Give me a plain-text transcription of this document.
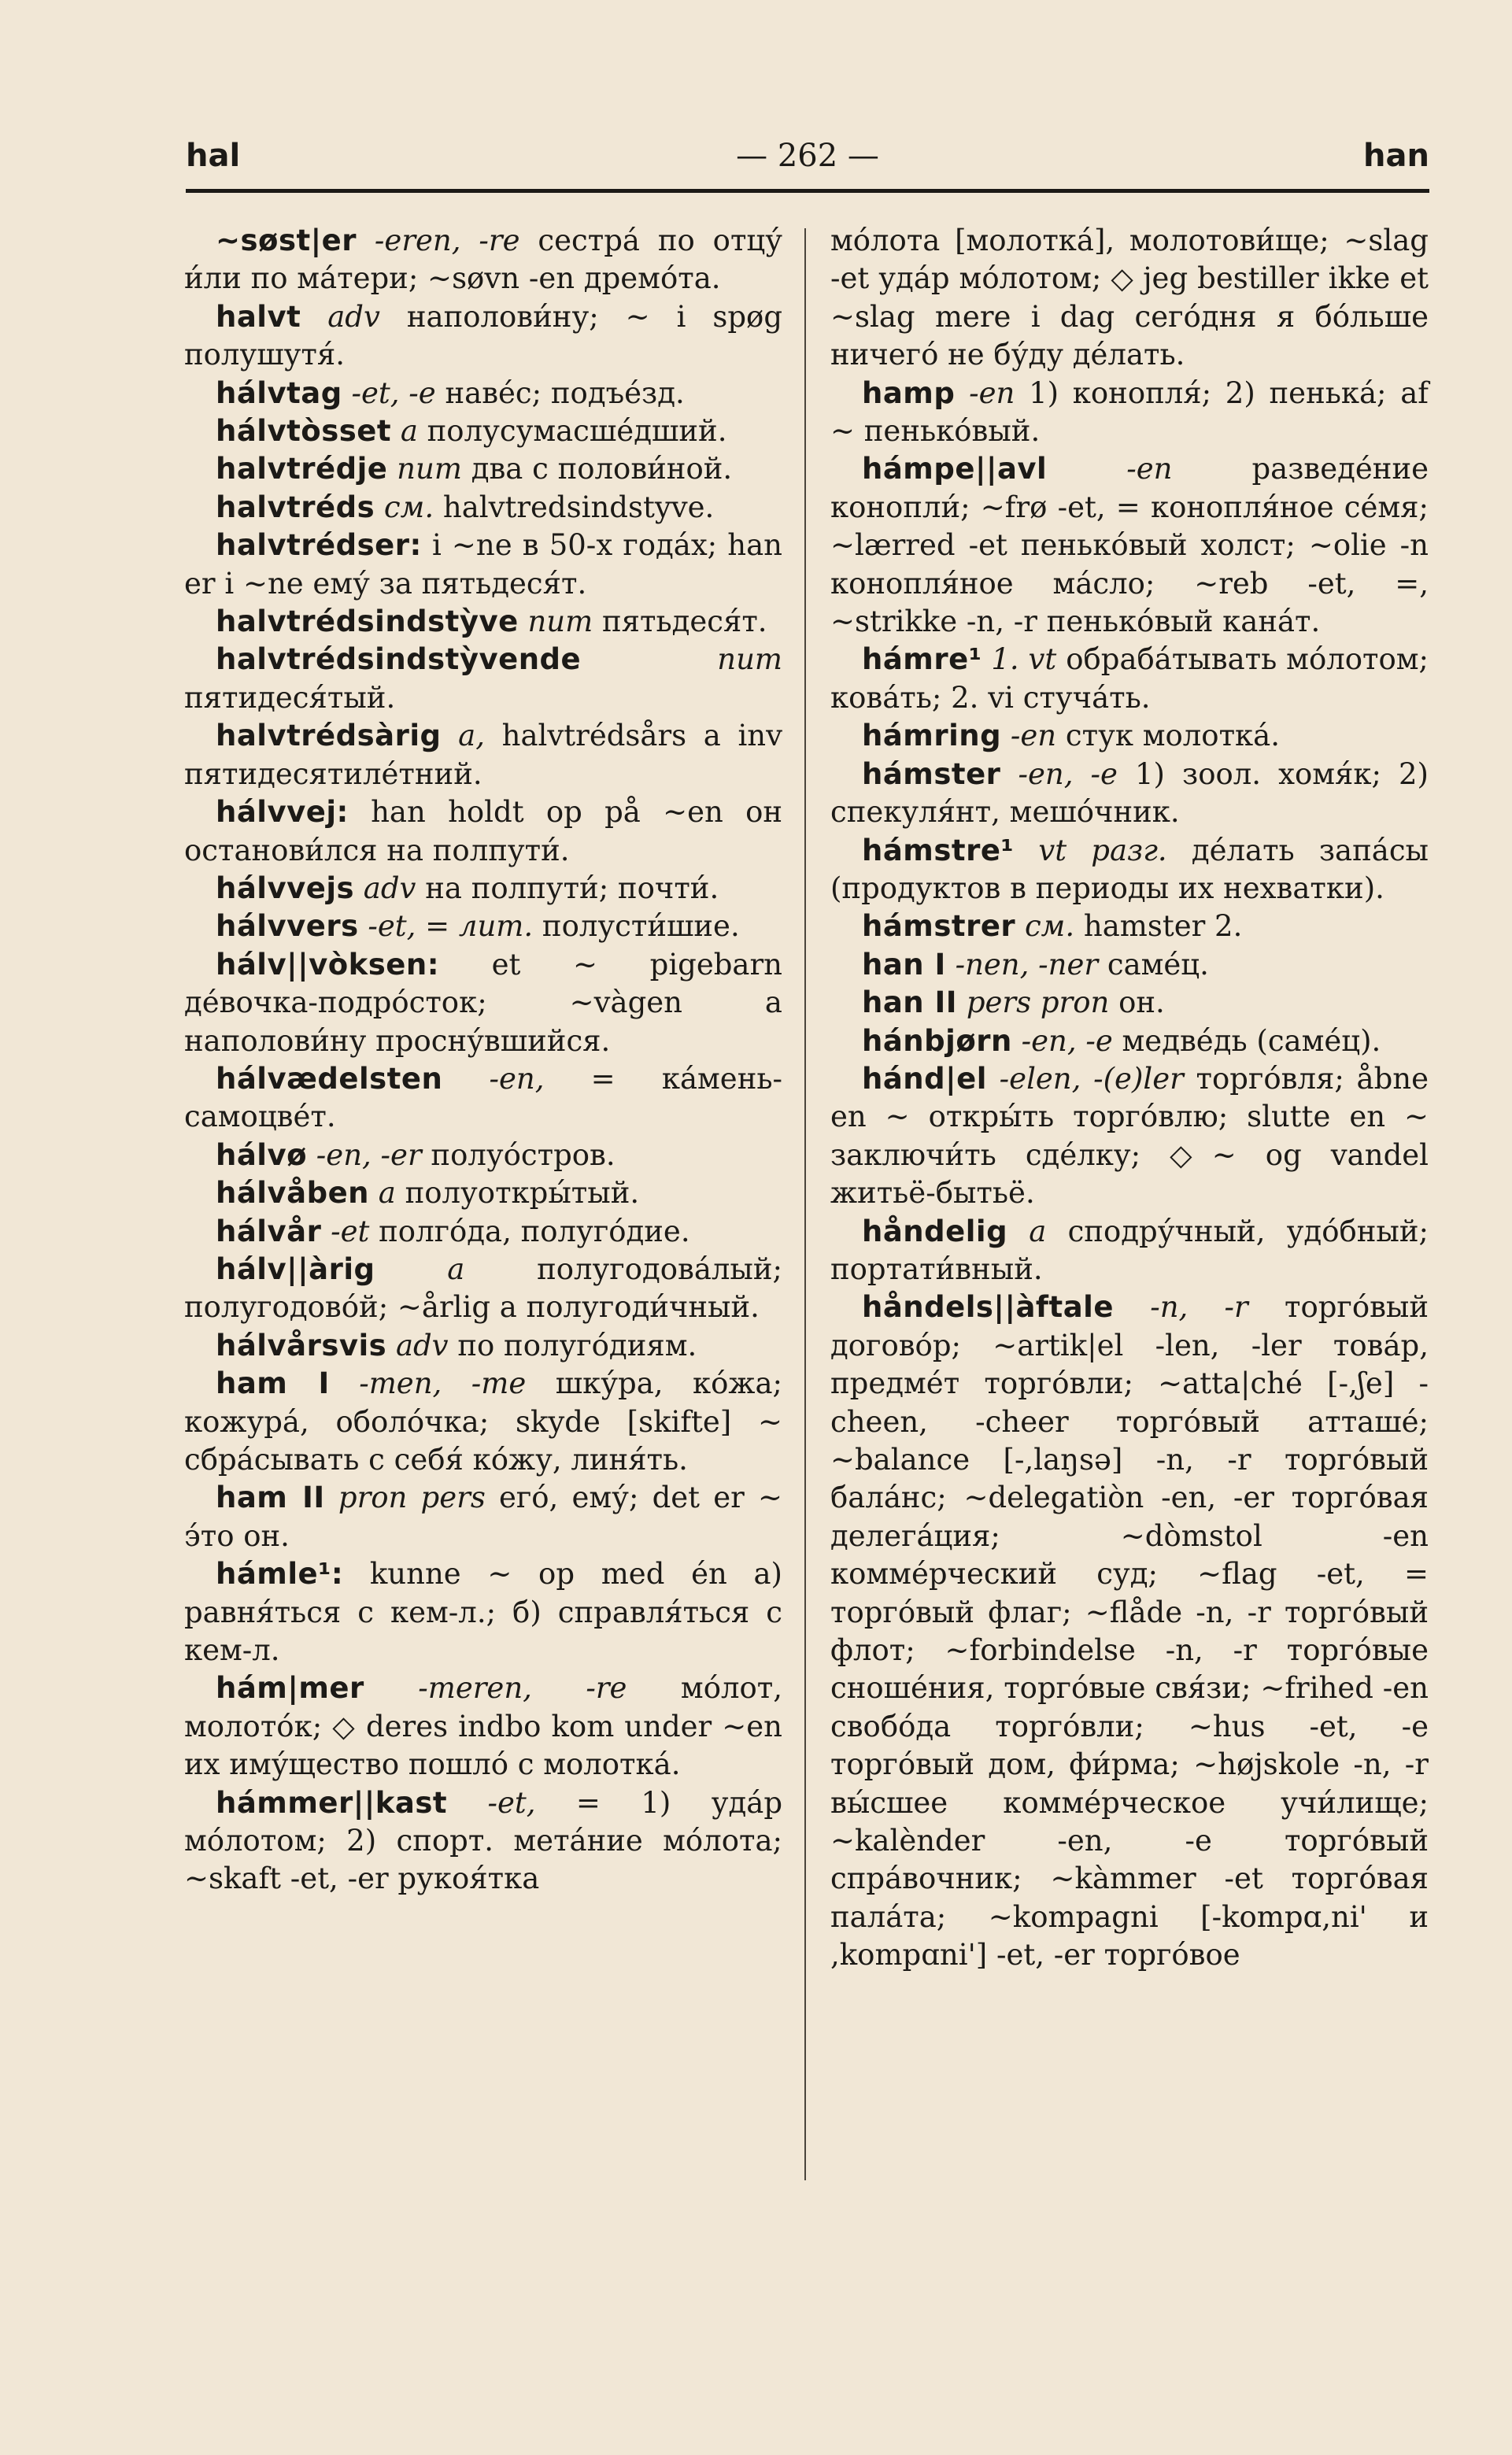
hal	— 262 —	han

~søst|er -eren, -re сестра́ по отцу́ и́ли по ма́тери; ~søvn -en дремо́та.

halvt adv наполови́ну; ~ i spøg полушутя́.

hálvtag -et, -e наве́с; подъе́зд.

hálvtòsset a полусумасше́дший.

halvtrédje num два с полови́ной.

halvtréds см. halvtredsindstyve.

halvtrédser: i ~ne в 50-х года́х; han er i ~ne ему́ за пятьдеся́т.

halvtrédsindstỳve num пятьдеся́т.

halvtrédsindstỳvende	num пятидеся́тый.

halvtrédsàrig a, halvtrédsårs a inv пятидесятиле́тний.

hálvvej: han holdt op på ~en он останови́лся на полпути́.

hálvvejs adv на полпути́; почти́.

hálvvers -et, = лит. полусти́шие.

hálv||vòksen: et ~ pigebarn де́вочка-подро́сток; ~vàgen a наполови́ну просну́вшийся.

hálvædelsten -en, = ка́мень-самоцве́т.

hálvø -en, -er полуо́стров.

hálvåben a полуоткры́тый.

hálvår -et полго́да, полуго́дие.

hálv||àrig a полугодова́лый; полугодово́й; ~årlig a полугоди́чный.

hálvårsvis adv по полуго́диям.

ham I -men, -me шку́ра, ко́жа; кожура́, оболо́чка; skyde [skifte] ~ сбра́сывать с себя́ ко́жу, линя́ть.

ham II pron pers его́, ему́; det er ~ э́то он.

hámle¹: kunne ~ op med én а) равня́ться с кем-л.; б) справля́ться с кем-л.

hám|mer -meren, -re мо́лот, молото́к; ◇ deres indbo kom under ~en их иму́щество пошло́ с молотка́.

hámmer||kast -et, = 1) уда́р мо́лотом; 2) спорт. мета́ние мо́лота; ~skaft -et, -er рукоя́тка

мо́лота [молотка́], молотови́ще; ~slag -et уда́р мо́лотом; ◇ jeg bestiller ikke et ~slag mere i dag сего́дня я бо́льше ничего́ не бу́ду де́лать.

hamp -en 1) конопля́; 2) пенька́; af ~ пенько́вый.

hámpe||avl	-en	разведе́ние конопли́; ~frø -et, = конопля́ное се́мя; ~lærred -et пенько́вый холст; ~olie -n конопля́ное ма́сло; ~reb -et, =, ~strikke -n, -r пенько́вый кана́т.

hámre¹ 1. vt обраба́тывать мо́лотом; кова́ть; 2. vi стуча́ть.

hámring -en стук молотка́.

hámster -en, -e 1) зоол. хомя́к; 2) спекуля́нт, мешо́чник.

hámstre¹ vt разг. де́лать запа́сы (продуктов в периоды их нехватки).

hámstrer см. hamster 2.

han I -nen, -ner саме́ц.

han II pers pron он.

hánbjørn -en, -e медве́дь (саме́ц).

hánd|el -elen, -(e)ler торго́вля; åbne en ~ откры́ть торго́влю; slutte en ~ заключи́ть сде́лку; ◇~ og vandel житьё-бытьё.

håndelig a сподру́чный, удо́бный; портати́вный.

håndels||àftale -n, -r торго́вый догово́р; ~artik|el -len, -ler това́р, предме́т торго́вли; ~attа|ché [-,ʃe] -cheen, -cheer торго́вый атташе́; ~balance [-,laŋsə] -n, -r торго́вый бала́нс; ~delegatiòn -en, -er торго́вая делега́ция; ~dòmstol -en комме́рческий суд; ~flag -et, = торго́вый флаг; ~flåde -n, -r торго́вый флот; ~forbindelse -n, -r торго́вые сноше́ния, торго́вые свя́зи; ~frihed -en свобо́да торго́вли; ~hus -et, -e торго́вый дом, фи́рма; ~højskole -n, -r вы́сшее комме́рческое учи́лище; ~kalènder -en, -e торго́вый спра́вочник; ~kàmmer -et торго́вая пала́та; ~kompagni [-kompɑ,ni' и ,kompɑni'] -et, -er торго́вое
